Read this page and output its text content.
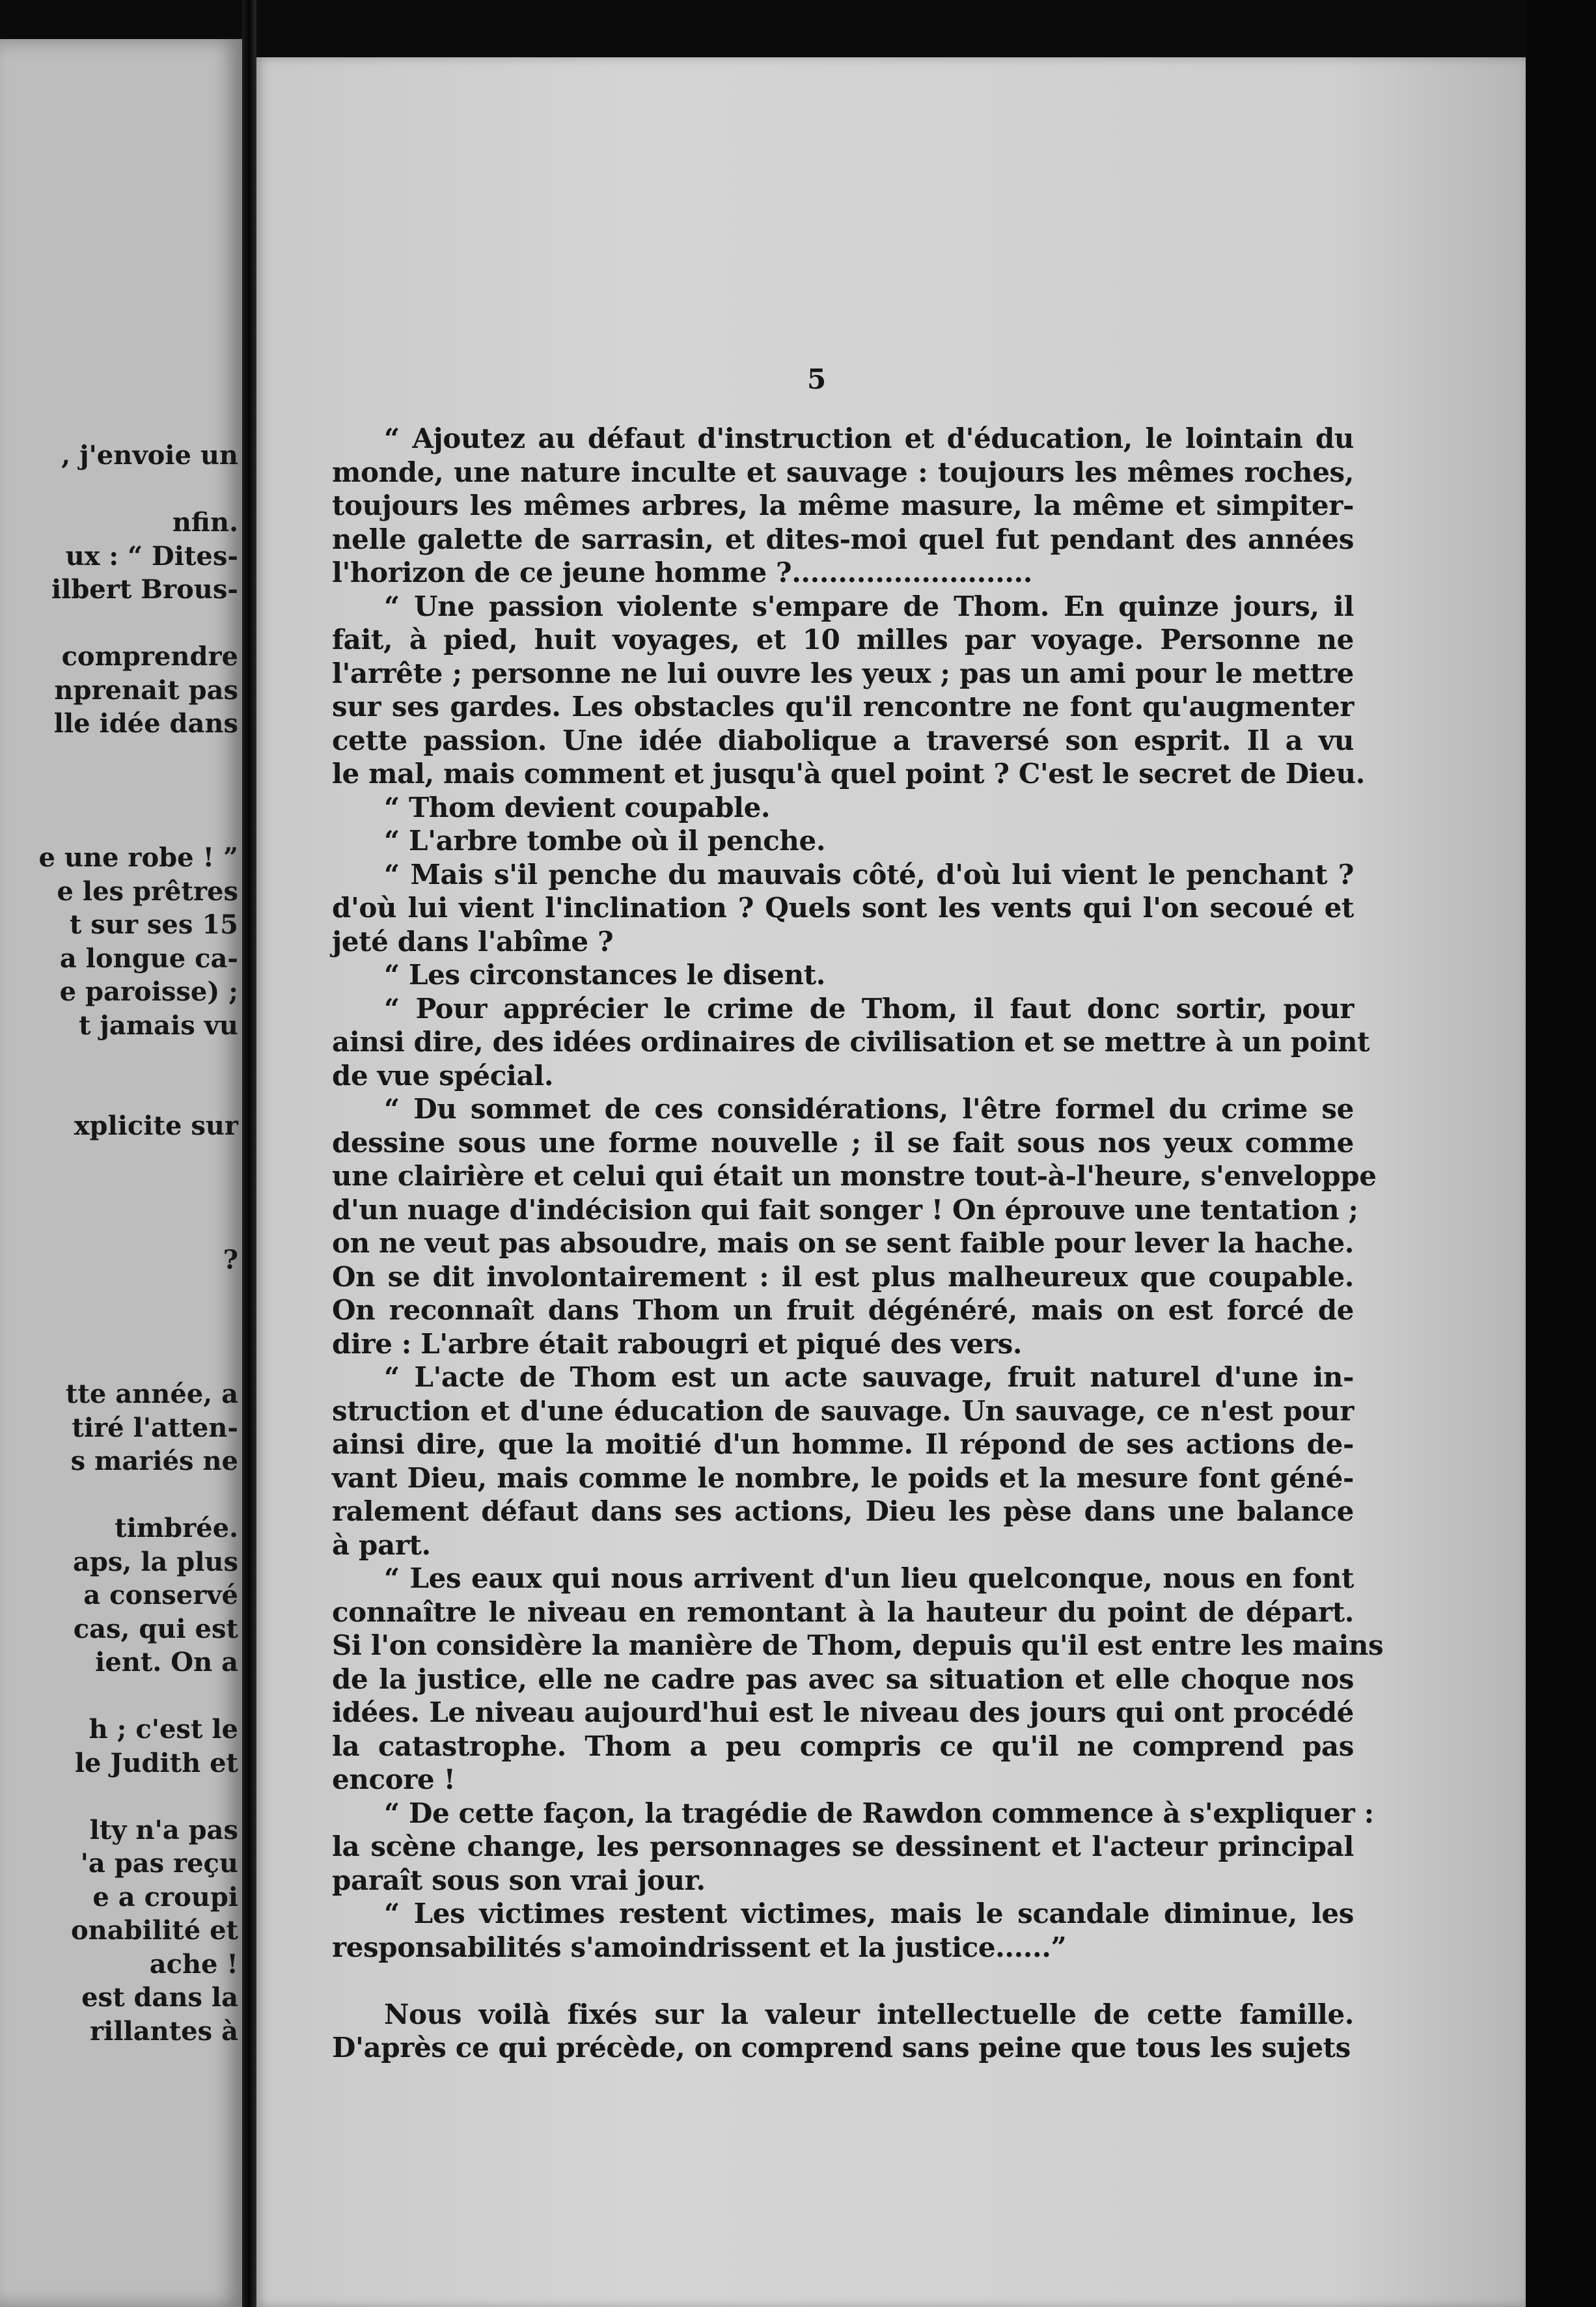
, j'envoie un
nfin.
ux : “ Dites-
ilbert Brous-
comprendre
nprenait pas
lle idée dans
e une robe ! ”
e les prêtres
t sur ses 15
a longue ca-
e paroisse) ;
t jamais vu
xplicite sur
?
tte année, a
tiré l'atten-
s mariés ne
timbrée.
aps, la plus
a conservé
cas, qui est
ient. On a
h ; c'est le
le Judith et
lty n'a pas
'a pas reçu
e a croupi
onabilité et
ache !
est dans la
rillantes à
5
“ Ajoutez au défaut d'instruction et d'éducation, le lointain du
monde, une nature inculte et sauvage : toujours les mêmes roches,
toujours les mêmes arbres, la même masure, la même et simpiter-
nelle galette de sarrasin, et dites-moi quel fut pendant des années
l'horizon de ce jeune homme ?..........................
“ Une passion violente s'empare de Thom. En quinze jours, il
fait, à pied, huit voyages, et 10 milles par voyage. Personne ne
l'arrête ; personne ne lui ouvre les yeux ; pas un ami pour le mettre
sur ses gardes. Les obstacles qu'il rencontre ne font qu'augmenter
cette passion. Une idée diabolique a traversé son esprit. Il a vu
le mal, mais comment et jusqu'à quel point ? C'est le secret de Dieu.
“ Thom devient coupable.
“ L'arbre tombe où il penche.
“ Mais s'il penche du mauvais côté, d'où lui vient le penchant ?
d'où lui vient l'inclination ? Quels sont les vents qui l'on secoué et
jeté dans l'abîme ?
“ Les circonstances le disent.
“ Pour apprécier le crime de Thom, il faut donc sortir, pour
ainsi dire, des idées ordinaires de civilisation et se mettre à un point
de vue spécial.
“ Du sommet de ces considérations, l'être formel du crime se
dessine sous une forme nouvelle ; il se fait sous nos yeux comme
une clairière et celui qui était un monstre tout-à-l'heure, s'enveloppe
d'un nuage d'indécision qui fait songer ! On éprouve une tentation ;
on ne veut pas absoudre, mais on se sent faible pour lever la hache.
On se dit involontairement : il est plus malheureux que coupable.
On reconnaît dans Thom un fruit dégénéré, mais on est forcé de
dire : L'arbre était rabougri et piqué des vers.
“ L'acte de Thom est un acte sauvage, fruit naturel d'une in-
struction et d'une éducation de sauvage. Un sauvage, ce n'est pour
ainsi dire, que la moitié d'un homme. Il répond de ses actions de-
vant Dieu, mais comme le nombre, le poids et la mesure font géné-
ralement défaut dans ses actions, Dieu les pèse dans une balance
à part.
“ Les eaux qui nous arrivent d'un lieu quelconque, nous en font
connaître le niveau en remontant à la hauteur du point de départ.
Si l'on considère la manière de Thom, depuis qu'il est entre les mains
de la justice, elle ne cadre pas avec sa situation et elle choque nos
idées. Le niveau aujourd'hui est le niveau des jours qui ont procédé
la catastrophe. Thom a peu compris ce qu'il ne comprend pas
encore !
“ De cette façon, la tragédie de Rawdon commence à s'expliquer :
la scène change, les personnages se dessinent et l'acteur principal
paraît sous son vrai jour.
“ Les victimes restent victimes, mais le scandale diminue, les
responsabilités s'amoindrissent et la justice......”
Nous voilà fixés sur la valeur intellectuelle de cette famille.
D'après ce qui précède, on comprend sans peine que tous les sujets
